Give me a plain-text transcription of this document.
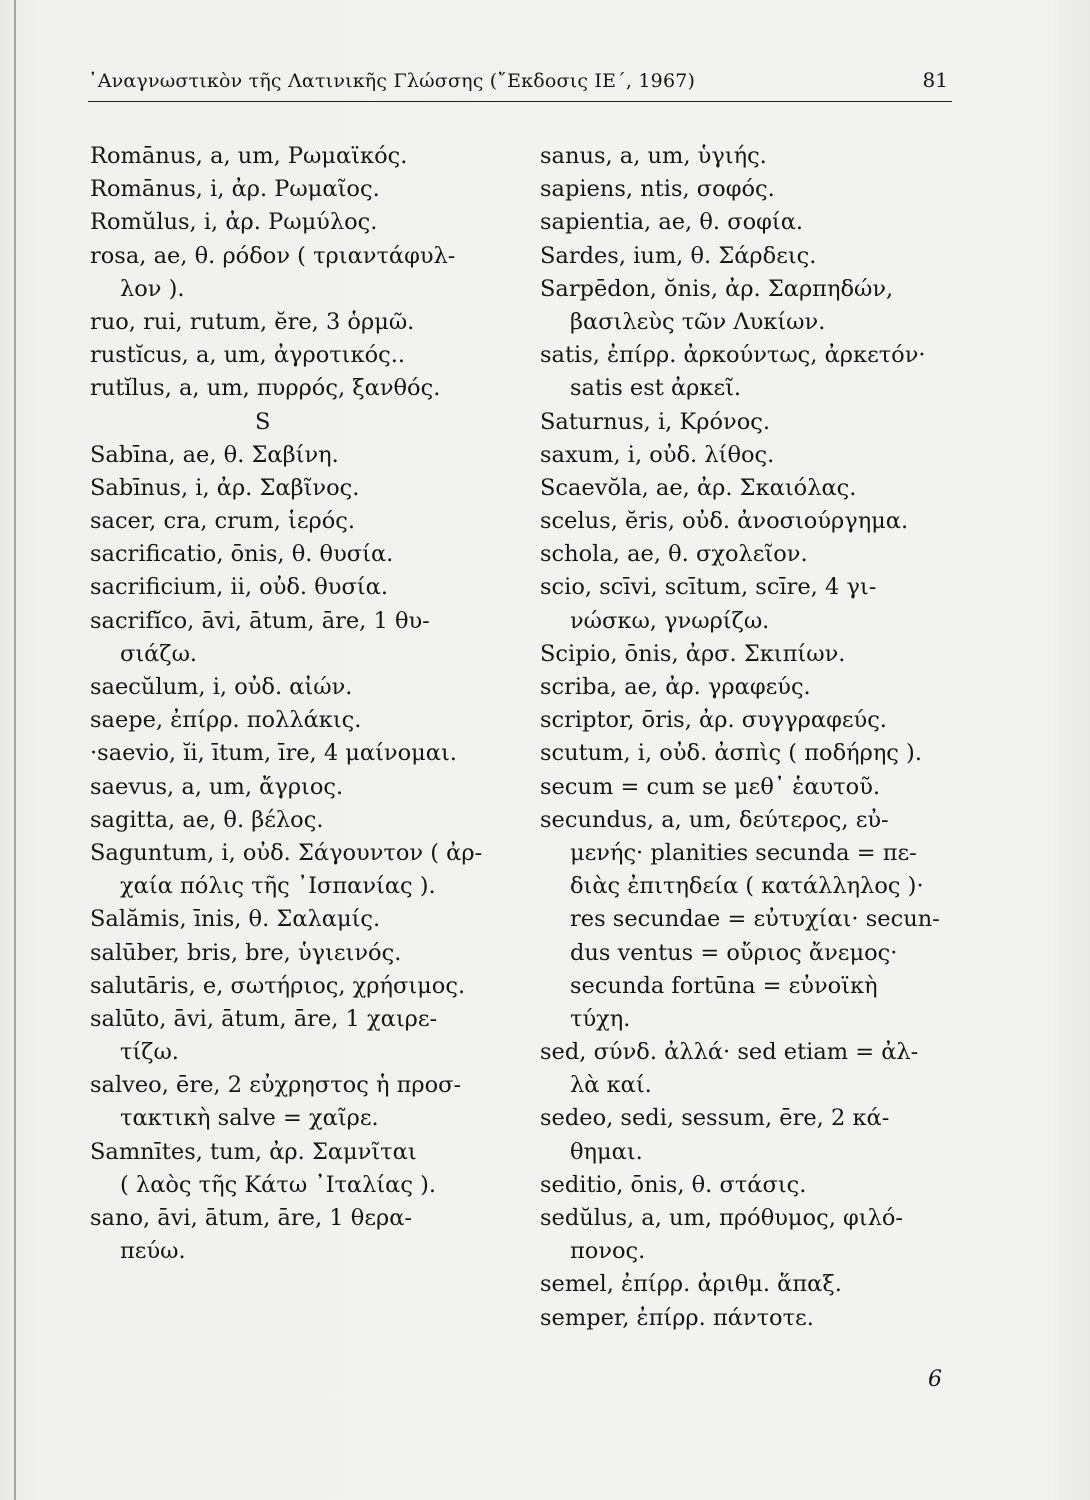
᾽Αναγνωστικὸν τῆς Λατινικῆς Γλώσσης (῎Εκδοσις ΙΕ΄, 1967)	81
Romānus, a, um, Ρωμαϊκός.
Romānus, i, ἀρ. Ρωμαῖος.
Romŭlus, i, ἀρ. Ρωμύλος.
rosa, ae, θ. ρόδον ( τριαντάφυλ-
λον ).
ruo, rui, rutum, ĕre, 3 ὁρμῶ.
rustĭcus, a, um, ἀγροτικός..
rutĭlus, a, um, πυρρός, ξανθός.
S
Sabīna, ae, θ. Σαβίνη.
Sabīnus, i, ἀρ. Σαβῖνος.
sacer, cra, crum, ἱερός.
sacrificatio, ōnis, θ. θυσία.
sacrificium, ii, οὐδ. θυσία.
sacrifĭco, āvi, ātum, āre, 1 θυ-
σιάζω.
saecŭlum, i, οὐδ. αἰών.
saepe, ἐπίρρ. πολλάκις.
·saevio, ĭi, ītum, īre, 4 μαίνομαι.
saevus, a, um, ἄγριος.
sagitta, ae, θ. βέλος.
Saguntum, i, οὐδ. Σάγουντον ( ἀρ-
χαία πόλις τῆς ᾽Ισπανίας ).
Salămis, īnis, θ. Σαλαμίς.
salūber, bris, bre, ὑγιεινός.
salutāris, e, σωτήριος, χρήσιμος.
salūto, āvi, ātum, āre, 1 χαιρε-
τίζω.
salveo, ēre, 2 εὐχρηστος ἡ προσ-
τακτικὴ salve = χαῖρε.
Samnītes, tum, ἀρ. Σαμνῖται
( λαὸς τῆς Κάτω ᾽Ιταλίας ).
sano, āvi, ātum, āre, 1 θερα-
πεύω.
sanus, a, um, ὑγιής.
sapiens, ntis, σοφός.
sapientia, ae, θ. σοφία.
Sardes, ium, θ. Σάρδεις.
Sarpēdon, ŏnis, ἀρ. Σαρπηδών,
βασιλεὺς τῶν Λυκίων.
satis, ἐπίρρ. ἀρκούντως, ἀρκετόν·
satis est ἀρκεῖ.
Saturnus, i, Κρόνος.
saxum, i, οὐδ. λίθος.
Scaevŏla, ae, ἀρ. Σκαιόλας.
scelus, ĕris, οὐδ. ἀνοσιούργημα.
schola, ae, θ. σχολεῖον.
scio, scīvi, scītum, scīre, 4 γι-
νώσκω, γνωρίζω.
Scipio, ōnis, ἀρσ. Σκιπίων.
scriba, ae, ἀρ. γραφεύς.
scriptor, ōris, ἀρ. συγγραφεύς.
scutum, i, οὐδ. ἀσπὶς ( ποδήρης ).
secum = cum se μεθ᾽ ἑαυτοῦ.
secundus, a, um, δεύτερος, εὐ-
μενής· planities secunda = πε-
διὰς ἐπιτηδεία ( κατάλληλος )·
res secundae = εὐτυχίαι· secun-
dus ventus = οὔριος ἄνεμος·
secunda fortūna = εὐνοϊκὴ
τύχη.
sed, σύνδ. ἀλλά· sed etiam = ἀλ-
λὰ καί.
sedeo, sedi, sessum, ēre, 2 κά-
θημαι.
seditio, ōnis, θ. στάσις.
sedŭlus, a, um, πρόθυμος, φιλό-
πονος.
semel, ἐπίρρ. ἀριθμ. ἅπαξ.
semper, ἐπίρρ. πάντοτε.
6
